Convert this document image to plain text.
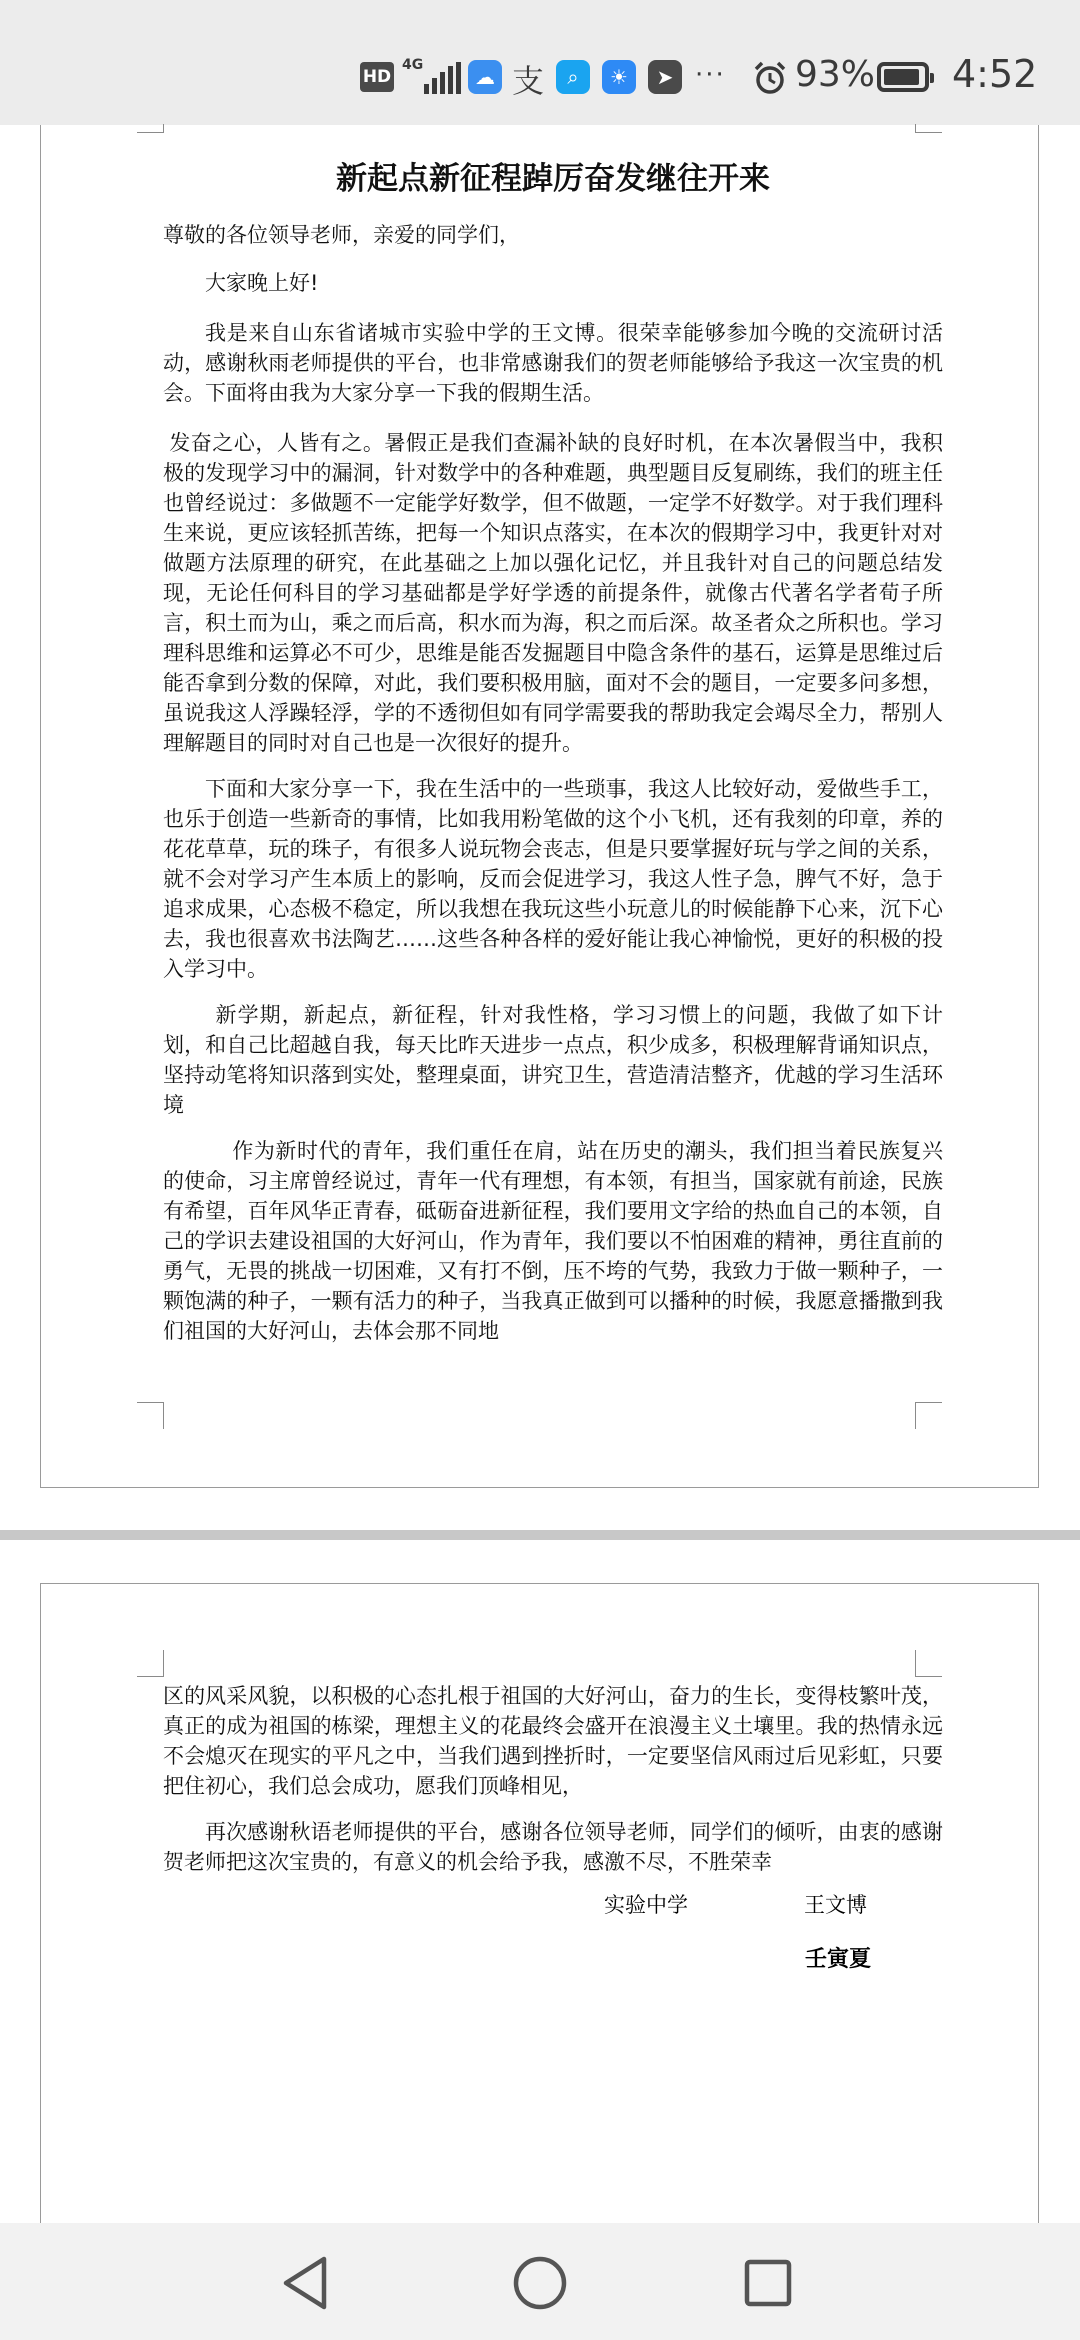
HD
4G	☁ 支	⌕	☀	➤ ··· 93% 4:52
新起点新征程踔厉奋发继往开来

尊敬的各位领导老师，亲爱的同学们，

大家晚上好!

我是来自山东省诸城市实验中学的王文博。很荣幸能够参加今晚的交流研讨活动，感谢秋雨老师提供的平台，也非常感谢我们的贺老师能够给予我这一次宝贵的机会。下面将由我为大家分享一下我的假期生活。

发奋之心，人皆有之。暑假正是我们查漏补缺的良好时机，在本次暑假当中，我积极的发现学习中的漏洞，针对数学中的各种难题，典型题目反复刷练，我们的班主任也曾经说过：多做题不一定能学好数学，但不做题，一定学不好数学。对于我们理科生来说，更应该轻抓苦练，把每一个知识点落实，在本次的假期学习中，我更针对对做题方法原理的研究，在此基础之上加以强化记忆，并且我针对自己的问题总结发现，无论任何科目的学习基础都是学好学透的前提条件，就像古代著名学者荀子所言，积土而为山，乘之而后高，积水而为海，积之而后深。故圣者众之所积也。学习理科思维和运算必不可少，思维是能否发掘题目中隐含条件的基石，运算是思维过后能否拿到分数的保障，对此，我们要积极用脑，面对不会的题目，一定要多问多想，虽说我这人浮躁轻浮，学的不透彻但如有同学需要我的帮助我定会竭尽全力，帮别人理解题目的同时对自己也是一次很好的提升。

下面和大家分享一下，我在生活中的一些琐事，我这人比较好动，爱做些手工，也乐于创造一些新奇的事情，比如我用粉笔做的这个小飞机，还有我刻的印章，养的花花草草，玩的珠子，有很多人说玩物会丧志，但是只要掌握好玩与学之间的关系，就不会对学习产生本质上的影响，反而会促进学习，我这人性子急，脾气不好，急于追求成果，心态极不稳定，所以我想在我玩这些小玩意儿的时候能静下心来，沉下心去，我也很喜欢书法陶艺……这些各种各样的爱好能让我心神愉悦，更好的积极的投入学习中。

新学期，新起点，新征程，针对我性格，学习习惯上的问题，我做了如下计划，和自己比超越自我，每天比昨天进步一点点，积少成多，积极理解背诵知识点，坚持动笔将知识落到实处，整理桌面，讲究卫生，营造清洁整齐，优越的学习生活环境

作为新时代的青年，我们重任在肩，站在历史的潮头，我们担当着民族复兴的使命，习主席曾经说过，青年一代有理想，有本领，有担当，国家就有前途，民族有希望，百年风华正青春，砥砺奋进新征程，我们要用文字给的热血自己的本领，自己的学识去建设祖国的大好河山，作为青年，我们要以不怕困难的精神，勇往直前的勇气，无畏的挑战一切困难，又有打不倒，压不垮的气势，我致力于做一颗种子，一颗饱满的种子，一颗有活力的种子，当我真正做到可以播种的时候，我愿意播撒到我们祖国的大好河山，去体会那不同地

区的风采风貌，以积极的心态扎根于祖国的大好河山，奋力的生长，变得枝繁叶茂，真正的成为祖国的栋梁，理想主义的花最终会盛开在浪漫主义土壤里。我的热情永远不会熄灭在现实的平凡之中，当我们遇到挫折时，一定要坚信风雨过后见彩虹，只要把住初心，我们总会成功，愿我们顶峰相见，

再次感谢秋语老师提供的平台，感谢各位领导老师，同学们的倾听，由衷的感谢贺老师把这次宝贵的，有意义的机会给予我，感激不尽，不胜荣幸

实验中学	王文博
壬寅夏
